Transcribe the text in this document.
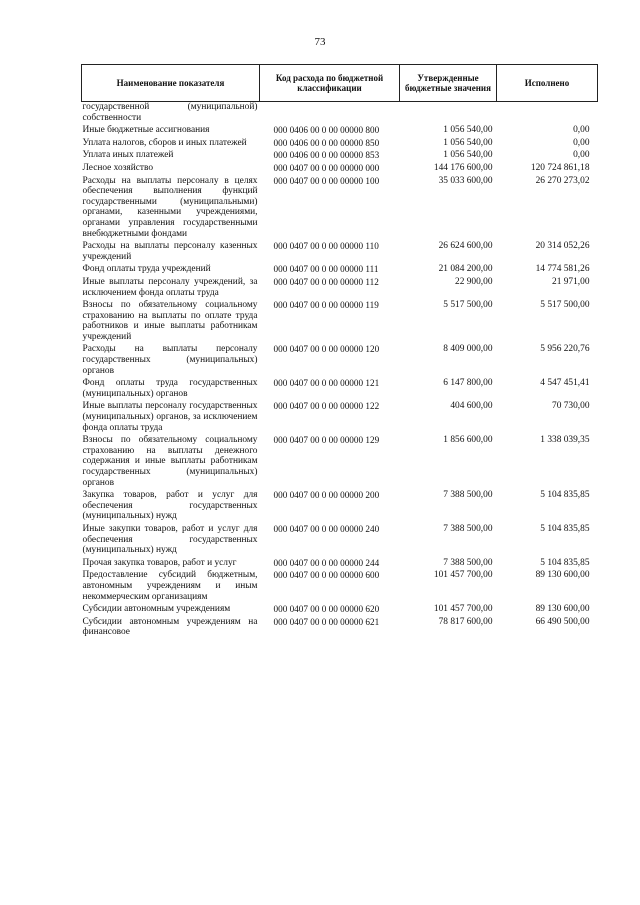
73
Наименование показателя	Код расхода по бюджетной классификации	Утвержденные бюджетные значения	Исполнено
государственной (муниципальной) собственности			
Иные бюджетные ассигнования	000 0406 00 0 00 00000 800	1 056 540,00	0,00
Уплата налогов, сборов и иных платежей	000 0406 00 0 00 00000 850	1 056 540,00	0,00
Уплата иных платежей	000 0406 00 0 00 00000 853	1 056 540,00	0,00
Лесное хозяйство	000 0407 00 0 00 00000 000	144 176 600,00	120 724 861,18
Расходы на выплаты персоналу в целях обеспечения выполнения функций государственными (муниципальными) органами, казенными учреждениями, органами управления государственными внебюджетными фондами	000 0407 00 0 00 00000 100	35 033 600,00	26 270 273,02
Расходы на выплаты персоналу казенных учреждений	000 0407 00 0 00 00000 110	26 624 600,00	20 314 052,26
Фонд оплаты труда учреждений	000 0407 00 0 00 00000 111	21 084 200,00	14 774 581,26
Иные выплаты персоналу учреждений, за исключением фонда оплаты труда	000 0407 00 0 00 00000 112	22 900,00	21 971,00
Взносы по обязательному социальному страхованию на выплаты по оплате труда работников и иные выплаты работникам учреждений	000 0407 00 0 00 00000 119	5 517 500,00	5 517 500,00
Расходы на выплаты персоналу государственных (муниципальных) органов	000 0407 00 0 00 00000 120	8 409 000,00	5 956 220,76
Фонд оплаты труда государственных (муниципальных) органов	000 0407 00 0 00 00000 121	6 147 800,00	4 547 451,41
Иные выплаты персоналу государственных (муниципальных) органов, за исключением фонда оплаты труда	000 0407 00 0 00 00000 122	404 600,00	70 730,00
Взносы по обязательному социальному страхованию на выплаты денежного содержания и иные выплаты работникам государственных (муниципальных) органов	000 0407 00 0 00 00000 129	1 856 600,00	1 338 039,35
Закупка товаров, работ и услуг для обеспечения государственных (муниципальных) нужд	000 0407 00 0 00 00000 200	7 388 500,00	5 104 835,85
Иные закупки товаров, работ и услуг для обеспечения государственных (муниципальных) нужд	000 0407 00 0 00 00000 240	7 388 500,00	5 104 835,85
Прочая закупка товаров, работ и услуг	000 0407 00 0 00 00000 244	7 388 500,00	5 104 835,85
Предоставление субсидий бюджетным, автономным учреждениям и иным некоммерческим организациям	000 0407 00 0 00 00000 600	101 457 700,00	89 130 600,00
Субсидии автономным учреждениям	000 0407 00 0 00 00000 620	101 457 700,00	89 130 600,00
Субсидии автономным учреждениям на финансовое	000 0407 00 0 00 00000 621	78 817 600,00	66 490 500,00
